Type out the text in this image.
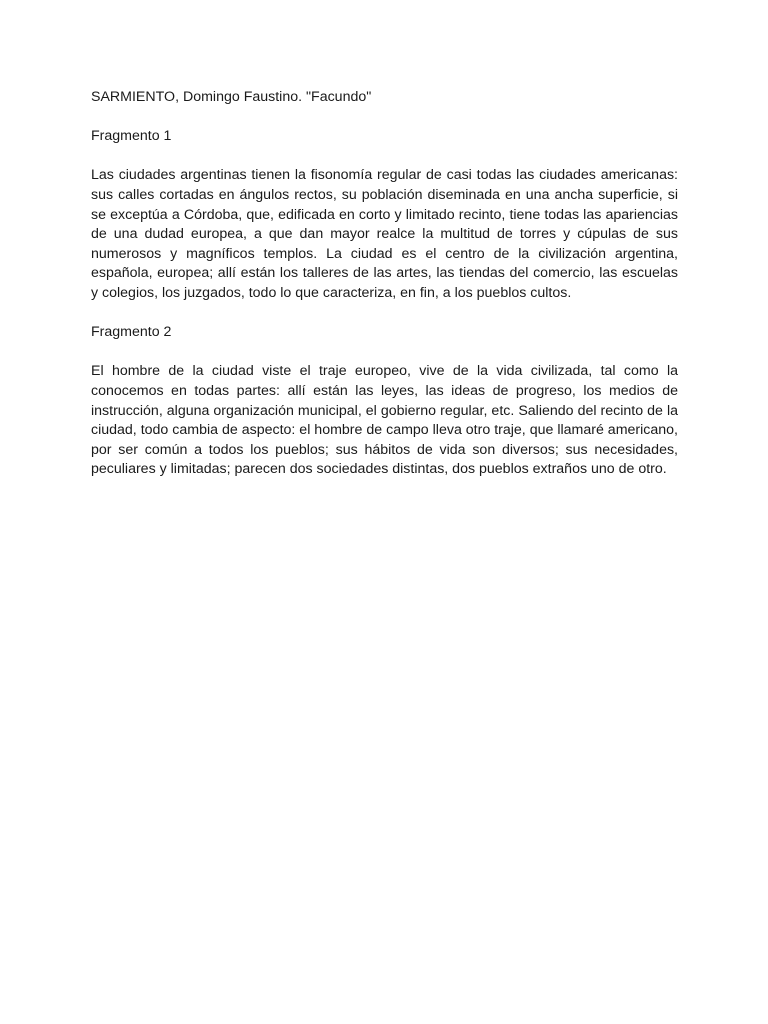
SARMIENTO, Domingo Faustino. "Facundo"

Fragmento 1

Las ciudades argentinas tienen la fisonomía regular de casi todas las ciudades americanas: sus calles cortadas en ángulos rectos, su población diseminada en una ancha superficie, si se exceptúa a Córdoba, que, edificada en corto y limitado recinto, tiene todas las apariencias de una dudad europea, a que dan mayor realce la multitud de torres y cúpulas de sus numerosos y magníficos templos. La ciudad es el centro de la civilización argentina, española, europea; allí están los talleres de las artes, las tiendas del comercio, las escuelas y colegios, los juzgados, todo lo que caracteriza, en fin, a los pueblos cultos.

Fragmento 2

El hombre de la ciudad viste el traje europeo, vive de la vida civilizada, tal como la conocemos en todas partes: allí están las leyes, las ideas de progreso, los medios de instrucción, alguna organización municipal, el gobierno regular, etc. Saliendo del recinto de la ciudad, todo cambia de aspecto: el hombre de campo lleva otro traje, que llamaré americano, por ser común a todos los pueblos; sus hábitos de vida son diversos; sus necesidades, peculiares y limitadas; parecen dos sociedades distintas, dos pueblos extraños uno de otro.
